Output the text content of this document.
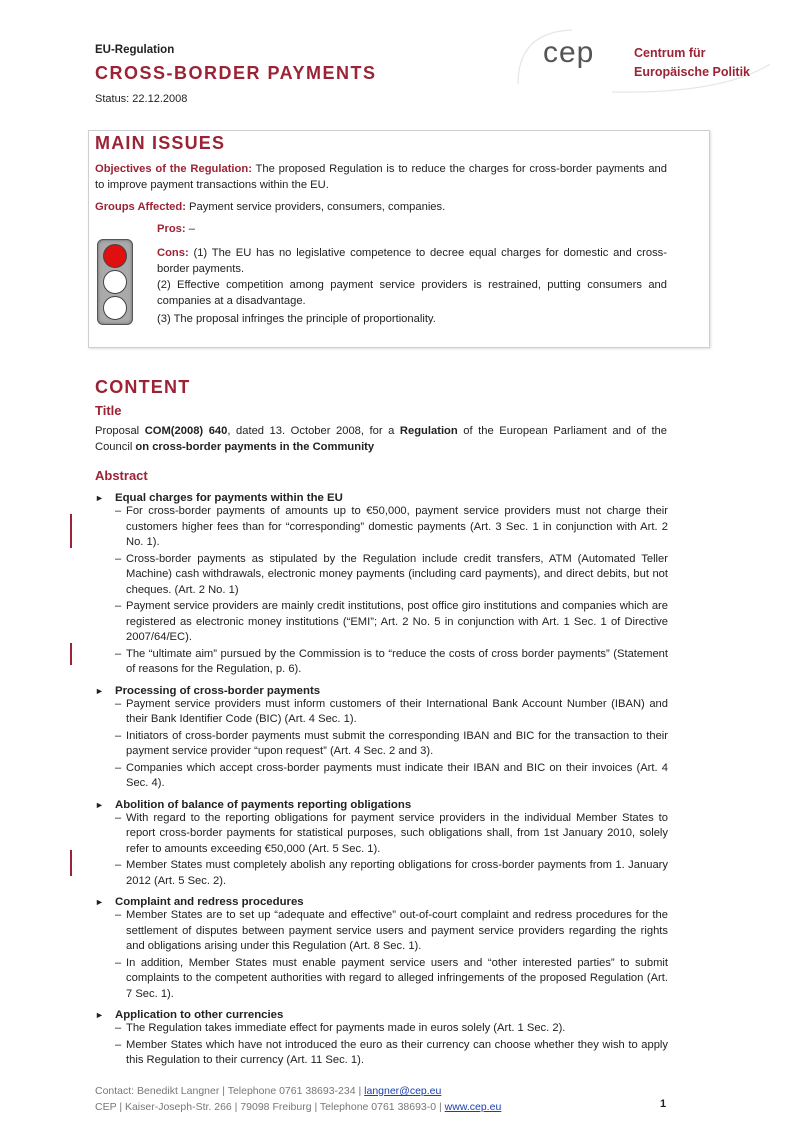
EU-Regulation
CROSS-BORDER PAYMENTS
Status: 22.12.2008
cep	Centrum für
Europäische Politik
MAIN ISSUES
Objectives of the Regulation: The proposed Regulation is to reduce the charges for cross-border payments and to improve payment transactions within the EU.
Groups Affected: Payment service providers, consumers, companies.
Pros: –
Cons: (1) The EU has no legislative competence to decree equal charges for domestic and cross-border payments.
(2) Effective competition among payment service providers is restrained, putting consumers and companies at a disadvantage.
(3) The proposal infringes the principle of proportionality.
CONTENT
Title
Proposal COM(2008) 640, dated 13. October 2008, for a Regulation of the European Parliament and of the Council on cross-border payments in the Community
Abstract
► Equal charges for payments within the EU
– For cross-border payments of amounts up to €50,000, payment service providers must not charge their customers higher fees than for “corresponding” domestic payments (Art. 3 Sec. 1 in conjunction with Art. 2 No. 1).
– Cross-border payments as stipulated by the Regulation include credit transfers, ATM (Automated Teller Machine) cash withdrawals, electronic money payments (including card payments), and direct debits, but not cheques. (Art. 2 No. 1)
– Payment service providers are mainly credit institutions, post office giro institutions and companies which are registered as electronic money institutions (“EMI”; Art. 2 No. 5 in conjunction with Art. 1 Sec. 1 of Directive 2007/64/EC).
– The “ultimate aim” pursued by the Commission is to “reduce the costs of cross border payments” (Statement of reasons for the Regulation, p. 6).
► Processing of cross-border payments
– Payment service providers must inform customers of their International Bank Account Number (IBAN) and their Bank Identifier Code (BIC) (Art. 4 Sec. 1).
– Initiators of cross-border payments must submit the corresponding IBAN and BIC for the transaction to their payment service provider “upon request” (Art. 4 Sec. 2 and 3).
– Companies which accept cross-border payments must indicate their IBAN and BIC on their invoices (Art. 4 Sec. 4).
► Abolition of balance of payments reporting obligations
– With regard to the reporting obligations for payment service providers in the individual Member States to report cross-border payments for statistical purposes, such obligations shall, from 1st January 2010, solely refer to amounts exceeding €50,000 (Art. 5 Sec. 1).
– Member States must completely abolish any reporting obligations for cross-border payments from 1. January 2012 (Art. 5 Sec. 2).
► Complaint and redress procedures
– Member States are to set up “adequate and effective” out-of-court complaint and redress procedures for the settlement of disputes between payment service users and payment service providers regarding the rights and obligations arising under this Regulation (Art. 8 Sec. 1).
– In addition, Member States must enable payment service users and “other interested parties” to submit complaints to the competent authorities with regard to alleged infringements of the proposed Regulation (Art. 7 Sec. 1).
► Application to other currencies
– The Regulation takes immediate effect for payments made in euros solely (Art. 1 Sec. 2).
– Member States which have not introduced the euro as their currency can choose whether they wish to apply this Regulation to their currency (Art. 11 Sec. 1).
Contact: Benedikt Langner | Telephone 0761 38693-234 | langner@cep.eu
CEP | Kaiser-Joseph-Str. 266 | 79098 Freiburg | Telephone 0761 38693-0 | www.cep.eu	1
